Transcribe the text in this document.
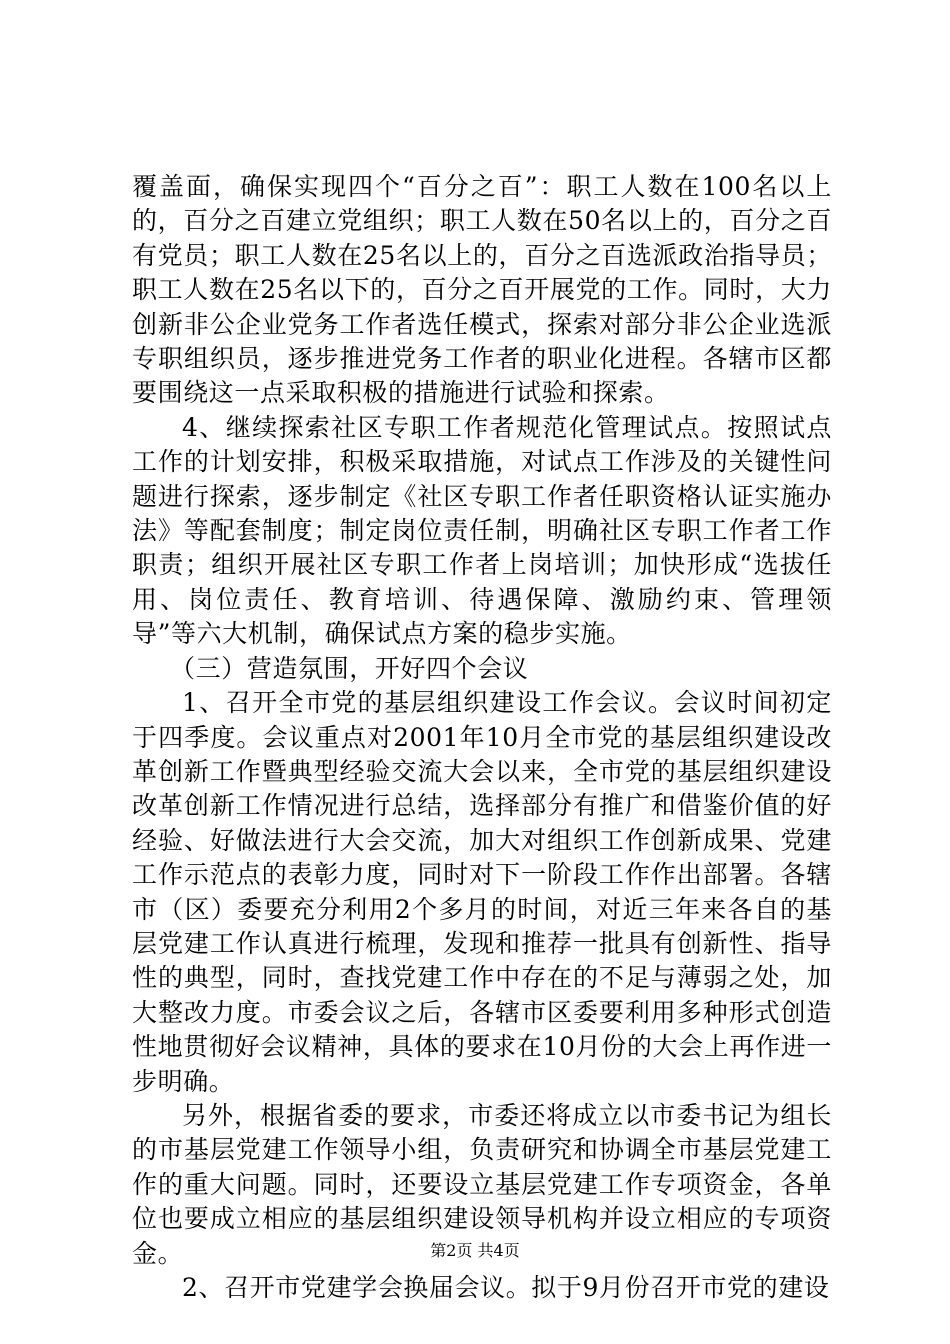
覆盖面，确保实现四个“百分之百”：职工人数在100名以上的，百分之百建立党组织；职工人数在50名以上的，百分之百有党员；职工人数在25名以上的，百分之百选派政治指导员；职工人数在25名以下的，百分之百开展党的工作。同时，大力创新非公企业党务工作者选任模式，探索对部分非公企业选派专职组织员，逐步推进党务工作者的职业化进程。各辖市区都要围绕这一点采取积极的措施进行试验和探索。

4、继续探索社区专职工作者规范化管理试点。按照试点工作的计划安排，积极采取措施，对试点工作涉及的关键性问题进行探索，逐步制定《社区专职工作者任职资格认证实施办法》等配套制度；制定岗位责任制，明确社区专职工作者工作职责；组织开展社区专职工作者上岗培训；加快形成“选拔任用、岗位责任、教育培训、待遇保障、激励约束、管理领导”等六大机制，确保试点方案的稳步实施。

（三）营造氛围，开好四个会议

1、召开全市党的基层组织建设工作会议。会议时间初定于四季度。会议重点对2001年10月全市党的基层组织建设改革创新工作暨典型经验交流大会以来，全市党的基层组织建设改革创新工作情况进行总结，选择部分有推广和借鉴价值的好经验、好做法进行大会交流，加大对组织工作创新成果、党建工作示范点的表彰力度，同时对下一阶段工作作出部署。各辖市（区）委要充分利用2个多月的时间，对近三年来各自的基层党建工作认真进行梳理，发现和推荐一批具有创新性、指导性的典型，同时，查找党建工作中存在的不足与薄弱之处，加大整改力度。市委会议之后，各辖市区委要利用多种形式创造性地贯彻好会议精神，具体的要求在10月份的大会上再作进一步明确。

另外，根据省委的要求，市委还将成立以市委书记为组长的市基层党建工作领导小组，负责研究和协调全市基层党建工作的重大问题。同时，还要设立基层党建工作专项资金，各单位也要成立相应的基层组织建设领导机构并设立相应的专项资金。

2、召开市党建学会换届会议。拟于9月份召开市党的建设

第2页 共4页
